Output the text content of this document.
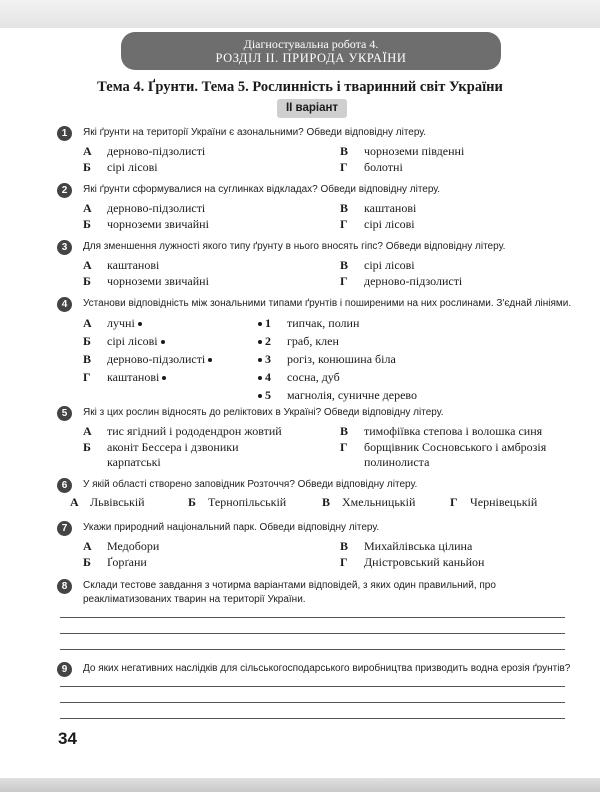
Діагностувальна робота 4.
РОЗДІЛ ІІ. ПРИРОДА УКРАЇНИ
Тема 4. Ґрунти. Тема 5. Рослинність і тваринний світ України
ІІ варіант
1	Які ґрунти на території України є азональними? Обведи відповідну літеру.
А дерново-підзолисті	В чорноземи південні
Б сірі лісові	Г болотні
2	Які ґрунти сформувалися на суглинках відкладах? Обведи відповідну літеру.
А дерново-підзолисті	В каштанові
Б чорноземи звичайні	Г сірі лісові
3	Для зменшення лужності якого типу ґрунту в нього вносять гіпс? Обведи відповідну літеру.
А каштанові	В сірі лісові
Б чорноземи звичайні	Г дерново-підзолисті
4	Установи відповідність між зональними типами ґрунтів і поширеними на них рослинами. З'єднай лініями.
А лучні
Б сірі лісові
В дерново-підзолисті
Г каштанові
1 типчак, полин
2 граб, клен
3 рогіз, конюшина біла
4 сосна, дуб
5 магнолія, суничне дерево
5	Які з цих рослин відносять до реліктових в Україні? Обведи відповідну літеру.
А тис ягідний і рододендрон жовтий	В тимофіївка степова і волошка синя
Б аконіт Бессера і дзвоники карпатські
Г борщівник Сосновського і амброзія полинолиста
6	У якій області створено заповідник Розточчя? Обведи відповідну літеру.
А Львівській	Б Тернопільській	В Хмельницькій	Г Чернівецькій
7	Укажи природний національний парк. Обведи відповідну літеру.
А Медобори	В Михайлівська цілина
Б Ґорґани	Г Дністровський каньйон
8	Склади тестове завдання з чотирма варіантами відповідей, з яких один правильний, про реакліматизованих тварин на території України.
9	До яких негативних наслідків для сільськогосподарського виробництва призводить водна ерозія ґрунтів?
34
